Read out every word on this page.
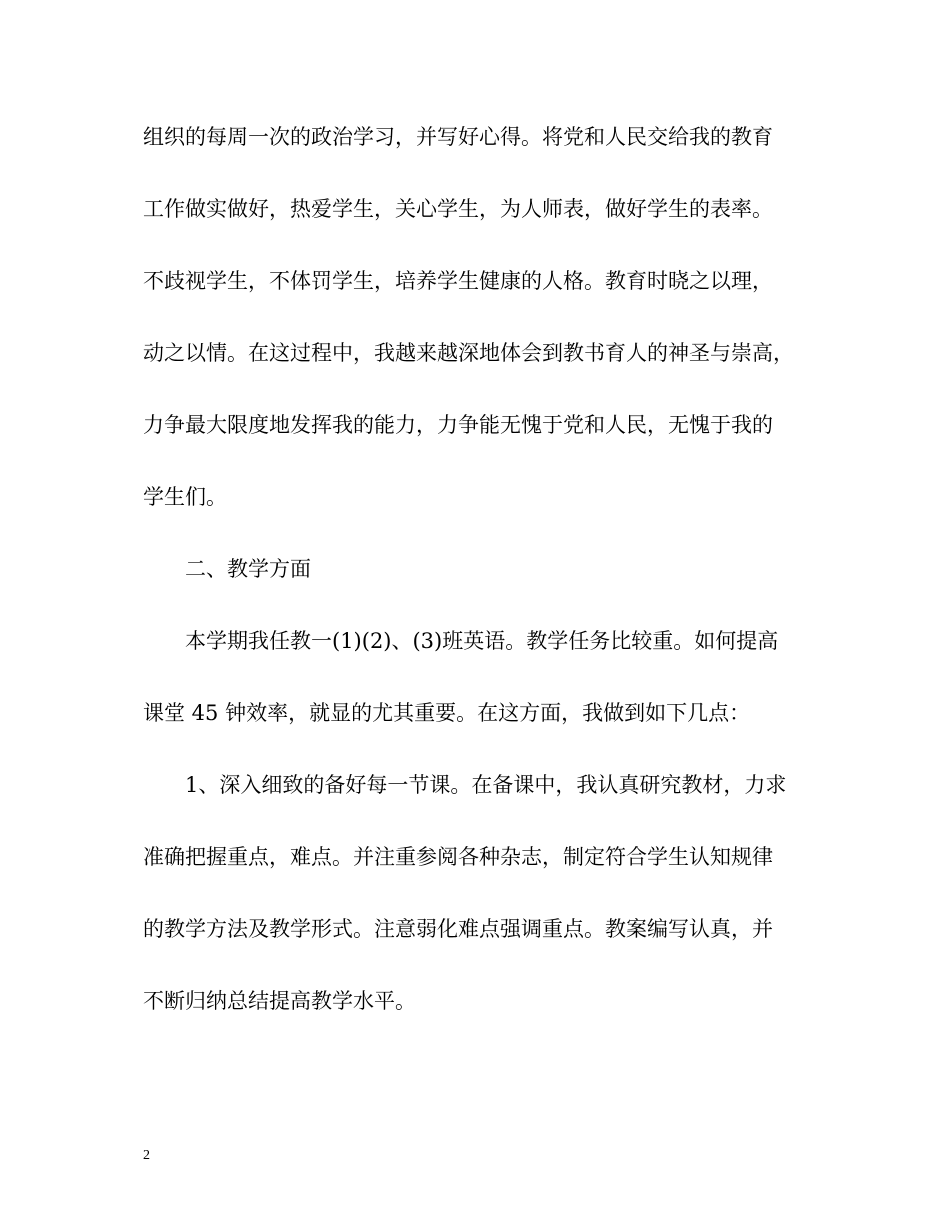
组织的每周一次的政治学习，并写好心得。将党和人民交给我的教育
工作做实做好，热爱学生，关心学生，为人师表，做好学生的表率。
不歧视学生，不体罚学生，培养学生健康的人格。教育时晓之以理，
动之以情。在这过程中，我越来越深地体会到教书育人的神圣与崇高，
力争最大限度地发挥我的能力，力争能无愧于党和人民，无愧于我的
学生们。
二、教学方面
本学期我任教一(1)(2)、(3)班英语。教学任务比较重。如何提高
课堂 45 钟效率，就显的尤其重要。在这方面，我做到如下几点：
1、深入细致的备好每一节课。在备课中，我认真研究教材，力求
准确把握重点，难点。并注重参阅各种杂志，制定符合学生认知规律
的教学方法及教学形式。注意弱化难点强调重点。教案编写认真，并
不断归纳总结提高教学水平。
2
